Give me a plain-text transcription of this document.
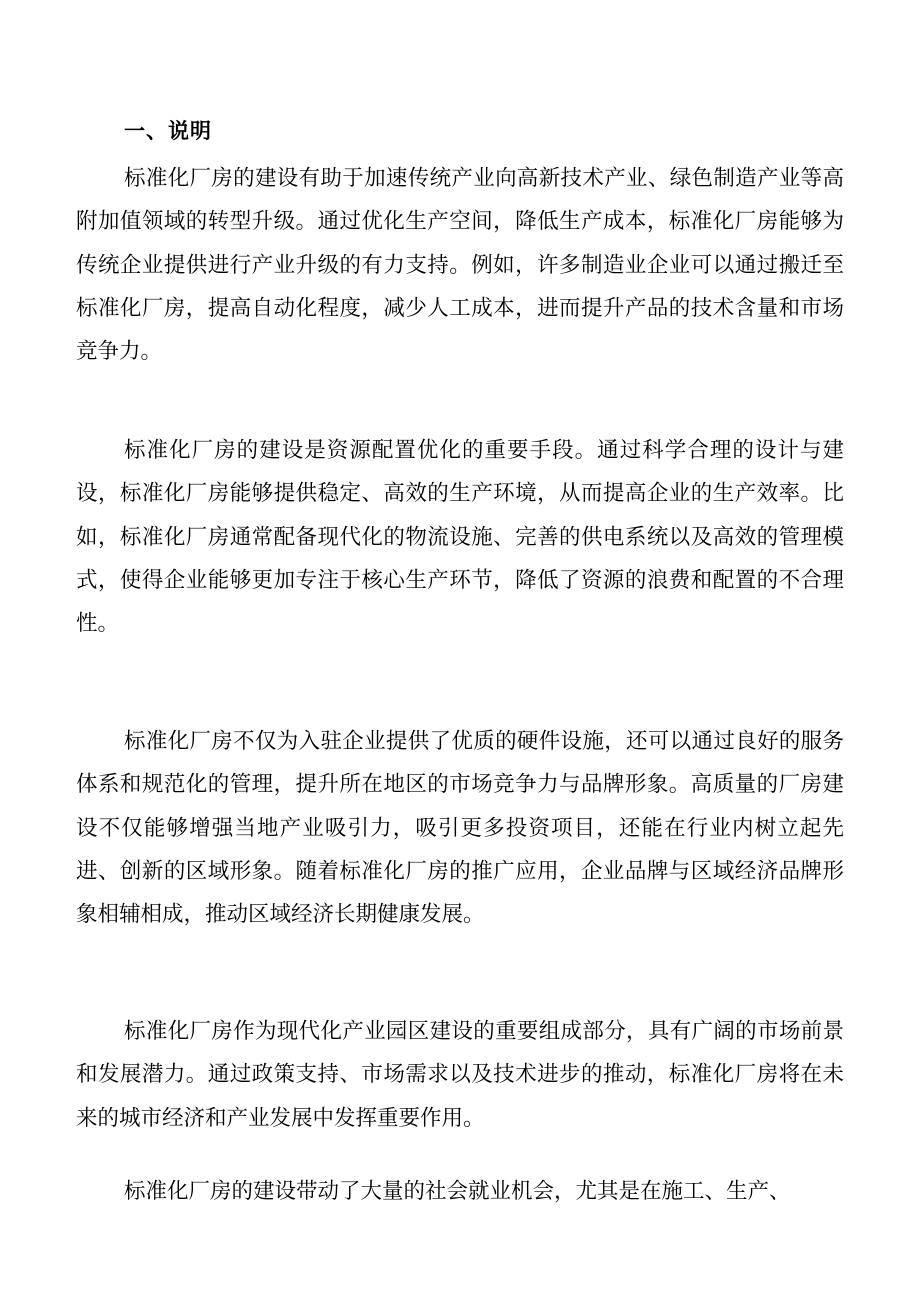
一、说明

标准化厂房的建设有助于加速传统产业向高新技术产业、绿色制造产业等高附加值领域的转型升级。通过优化生产空间，降低生产成本，标准化厂房能够为传统企业提供进行产业升级的有力支持。例如，许多制造业企业可以通过搬迁至标准化厂房，提高自动化程度，减少人工成本，进而提升产品的技术含量和市场竞争力。

标准化厂房的建设是资源配置优化的重要手段。通过科学合理的设计与建设，标准化厂房能够提供稳定、高效的生产环境，从而提高企业的生产效率。比如，标准化厂房通常配备现代化的物流设施、完善的供电系统以及高效的管理模式，使得企业能够更加专注于核心生产环节，降低了资源的浪费和配置的不合理性。

标准化厂房不仅为入驻企业提供了优质的硬件设施，还可以通过良好的服务体系和规范化的管理，提升所在地区的市场竞争力与品牌形象。高质量的厂房建设不仅能够增强当地产业吸引力，吸引更多投资项目，还能在行业内树立起先进、创新的区域形象。随着标准化厂房的推广应用，企业品牌与区域经济品牌形象相辅相成，推动区域经济长期健康发展。

标准化厂房作为现代化产业园区建设的重要组成部分，具有广阔的市场前景和发展潜力。通过政策支持、市场需求以及技术进步的推动，标准化厂房将在未来的城市经济和产业发展中发挥重要作用。

标准化厂房的建设带动了大量的社会就业机会，尤其是在施工、生产、
